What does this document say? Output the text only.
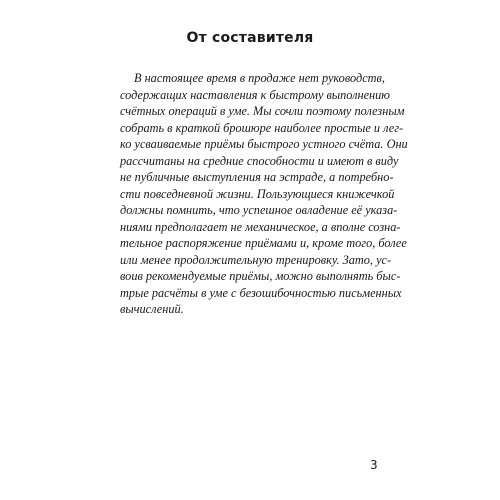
От составителя

В настоящее время в продаже нет руководств,
содержащих наставления к быстрому выполнению
счётных операций в уме. Мы сочли поэтому полезным
собрать в краткой брошюре наиболее простые и лег-
ко усваиваемые приёмы быстрого устного счёта. Они
рассчитаны на средние способности и имеют в виду
не публичные выступления на эстраде, а потребно-
сти повседневной жизни. Пользующиеся книжечкой
должны помнить, что успешное овладение её указа-
ниями предполагает не механическое, а вполне созна-
тельное распоряжение приёмами и, кроме того, более
или менее продолжительную тренировку. Зато, ус-
воив рекомендуемые приёмы, можно выполнять быс-
трые расчёты в уме с безошибочностью письменных
вычислений.

3
